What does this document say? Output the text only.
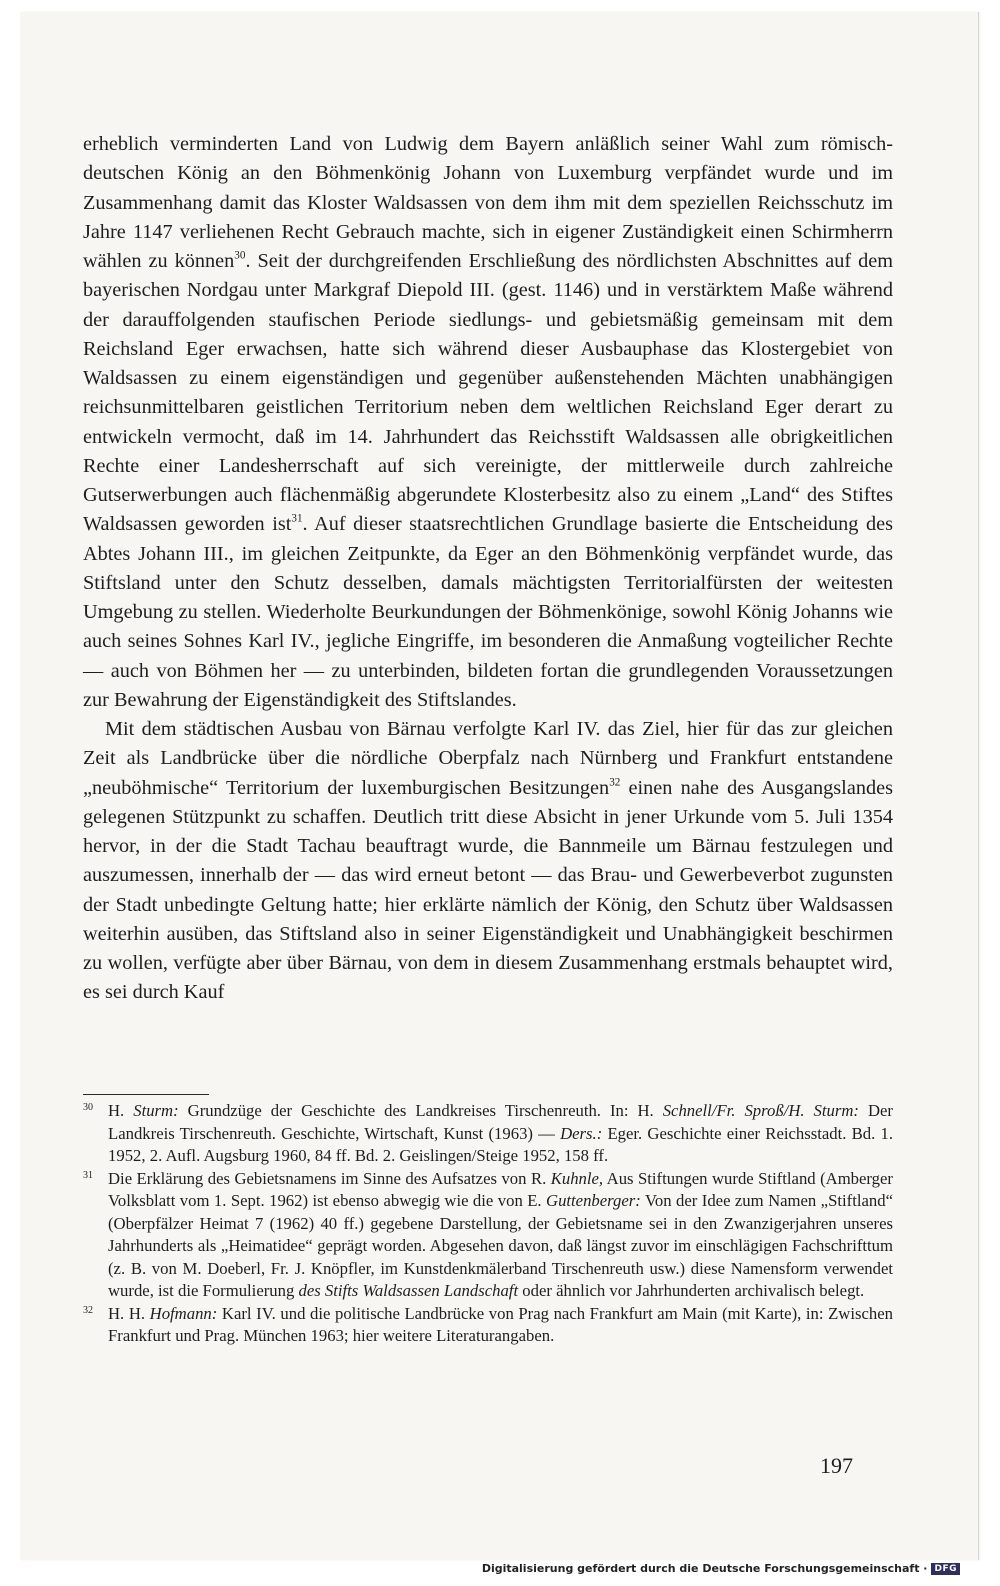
erheblich verminderten Land von Ludwig dem Bayern anläßlich seiner Wahl zum römisch-deutschen König an den Böhmenkönig Johann von Luxemburg verpfändet wurde und im Zusammenhang damit das Kloster Waldsassen von dem ihm mit dem speziellen Reichsschutz im Jahre 1147 verliehenen Recht Gebrauch machte, sich in eigener Zuständigkeit einen Schirmherrn wählen zu können$^{30}$. Seit der durchgreifenden Erschließung des nördlichsten Abschnittes auf dem bayerischen Nordgau unter Markgraf Diepold III. (gest. 1146) und in verstärktem Maße während der darauffolgenden staufischen Periode siedlungs- und gebietsmäßig gemeinsam mit dem Reichsland Eger erwachsen, hatte sich während dieser Ausbauphase das Klostergebiet von Waldsassen zu einem eigenständigen und gegenüber außenstehenden Mächten unabhängigen reichsunmittelbaren geistlichen Territorium neben dem weltlichen Reichsland Eger derart zu entwickeln vermocht, daß im 14. Jahrhundert das Reichsstift Waldsassen alle obrigkeitlichen Rechte einer Landesherrschaft auf sich vereinigte, der mittlerweile durch zahlreiche Gutserwerbungen auch flächenmäßig abgerundete Klosterbesitz also zu einem „Land“ des Stiftes Waldsassen geworden ist$^{31}$. Auf dieser staatsrechtlichen Grundlage basierte die Entscheidung des Abtes Johann III., im gleichen Zeitpunkte, da Eger an den Böhmenkönig verpfändet wurde, das Stiftsland unter den Schutz desselben, damals mächtigsten Territorialfürsten der weitesten Umgebung zu stellen. Wiederholte Beurkundungen der Böhmenkönige, sowohl König Johanns wie auch seines Sohnes Karl IV., jegliche Eingriffe, im besonderen die Anmaßung vogteilicher Rechte — auch von Böhmen her — zu unterbinden, bildeten fortan die grundlegenden Voraussetzungen zur Bewahrung der Eigenständigkeit des Stiftslandes.

Mit dem städtischen Ausbau von Bärnau verfolgte Karl IV. das Ziel, hier für das zur gleichen Zeit als Landbrücke über die nördliche Oberpfalz nach Nürnberg und Frankfurt entstandene „neuböhmische“ Territorium der luxemburgischen Besitzungen$^{32}$ einen nahe des Ausgangslandes gelegenen Stützpunkt zu schaffen. Deutlich tritt diese Absicht in jener Urkunde vom 5. Juli 1354 hervor, in der die Stadt Tachau beauftragt wurde, die Bannmeile um Bärnau festzulegen und auszumessen, innerhalb der — das wird erneut betont — das Brau- und Gewerbeverbot zugunsten der Stadt unbedingte Geltung hatte; hier erklärte nämlich der König, den Schutz über Waldsassen weiterhin ausüben, das Stiftsland also in seiner Eigenständigkeit und Unabhängigkeit beschirmen zu wollen, verfügte aber über Bärnau, von dem in diesem Zusammenhang erstmals behauptet wird, es sei durch Kauf

30 H. Sturm: Grundzüge der Geschichte des Landkreises Tirschenreuth. In: H. Schnell/Fr. Sproß/H. Sturm: Der Landkreis Tirschenreuth. Geschichte, Wirtschaft, Kunst (1963) — Ders.: Eger. Geschichte einer Reichsstadt. Bd. 1. 1952, 2. Aufl. Augsburg 1960, 84 ff. Bd. 2. Geislingen/Steige 1952, 158 ff.
31 Die Erklärung des Gebietsnamens im Sinne des Aufsatzes von R. Kuhnle, Aus Stiftungen wurde Stiftland (Amberger Volksblatt vom 1. Sept. 1962) ist ebenso abwegig wie die von E. Guttenberger: Von der Idee zum Namen „Stiftland“ (Oberpfälzer Heimat 7 (1962) 40 ff.) gegebene Darstellung, der Gebietsname sei in den Zwanzigerjahren unseres Jahrhunderts als „Heimatidee“ geprägt worden. Abgesehen davon, daß längst zuvor im einschlägigen Fachschrifttum (z. B. von M. Doeberl, Fr. J. Knöpfler, im Kunstdenkmälerband Tirschenreuth usw.) diese Namensform verwendet wurde, ist die Formulierung des Stifts Waldsassen Landschaft oder ähnlich vor Jahrhunderten archivalisch belegt.
32 H. H. Hofmann: Karl IV. und die politische Landbrücke von Prag nach Frankfurt am Main (mit Karte), in: Zwischen Frankfurt und Prag. München 1963; hier weitere Literaturangaben.
197
Digitalisierung gefördert durch die Deutsche Forschungsgemeinschaft · DFG
